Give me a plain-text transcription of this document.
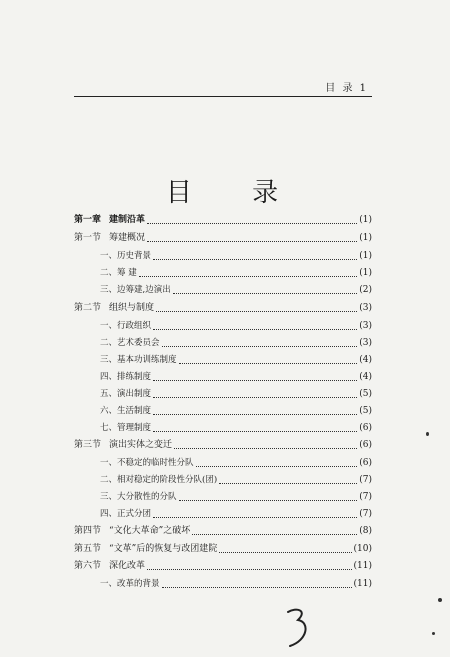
目 录 1
目 录
第一章 建制沿革	(1)
第一节 筹建概况	(1)
一、历史背景	(1)
二、筹 建	(1)
三、边筹建,边演出	(2)
第二节 组织与制度	(3)
一、行政组织	(3)
二、艺术委员会	(3)
三、基本功训练制度	(4)
四、排练制度	(4)
五、演出制度	(5)
六、生活制度	(5)
七、管理制度	(6)
第三节 演出实体之变迁	(6)
一、不稳定的临时性分队	(6)
二、相对稳定的阶段性分队(团)	(7)
三、大分散性的分队	(7)
四、正式分团	(7)
第四节 “文化大革命”之破坏	(8)
第五节 “文革”后的恢复与改团建院	(10)
第六节 深化改革	(11)
一、改革的背景	(11)
